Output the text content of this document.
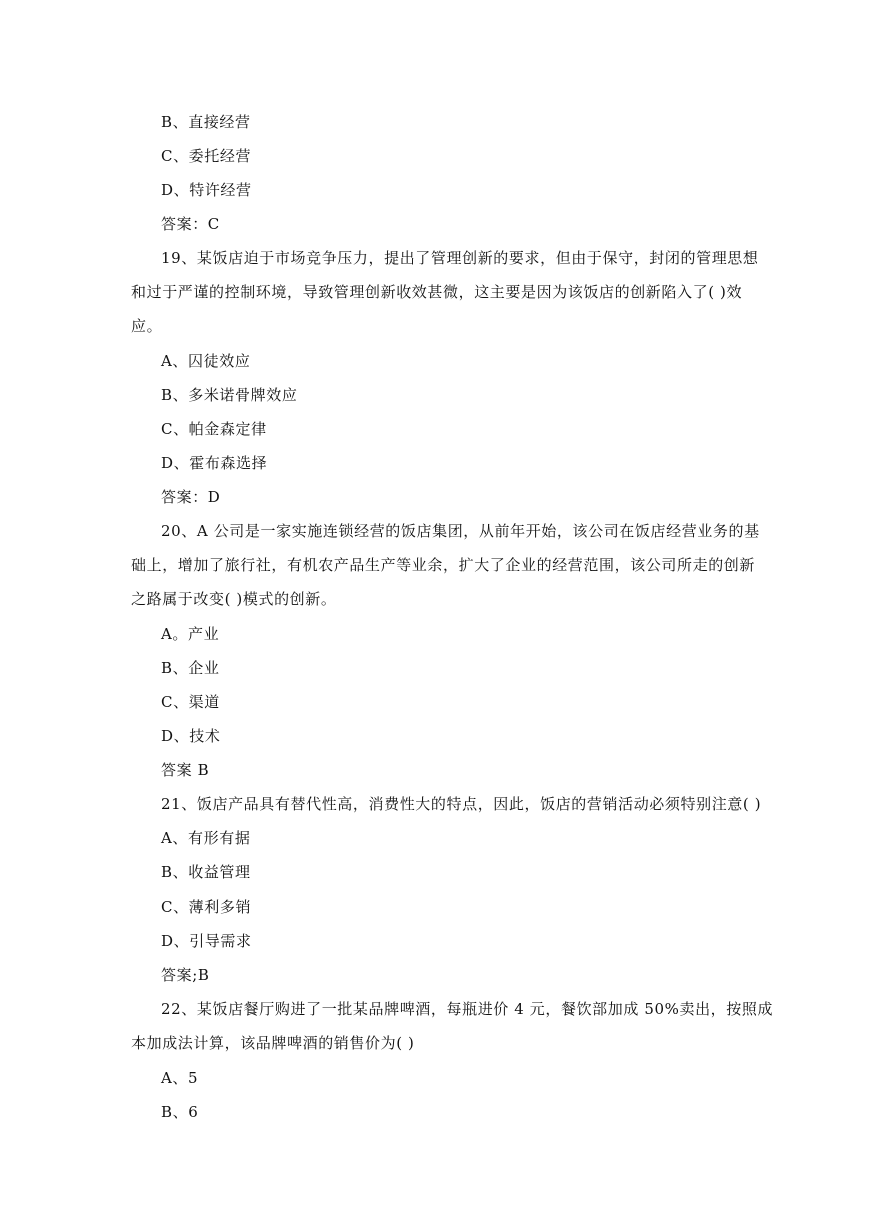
B、直接经营
C、委托经营
D、特许经营
答案：C
19、某饭店迫于市场竞争压力，提出了管理创新的要求，但由于保守，封闭的管理思想
和过于严谨的控制环境，导致管理创新收效甚微，这主要是因为该饭店的创新陷入了( )效
应。
A、囚徒效应
B、多米诺骨牌效应
C、帕金森定律
D、霍布森选择
答案：D
20、A 公司是一家实施连锁经营的饭店集团，从前年开始，该公司在饭店经营业务的基
础上，增加了旅行社，有机农产品生产等业余，扩大了企业的经营范围，该公司所走的创新
之路属于改变( )模式的创新。
A。产业
B、企业
C、渠道
D、技术
答案 B
21、饭店产品具有替代性高，消费性大的特点，因此，饭店的营销活动必须特别注意( )
A、有形有据
B、收益管理
C、薄利多销
D、引导需求
答案;B
22、某饭店餐厅购进了一批某品牌啤酒，每瓶进价 4 元，餐饮部加成 50%卖出，按照成
本加成法计算，该品牌啤酒的销售价为( )
A、5
B、6
